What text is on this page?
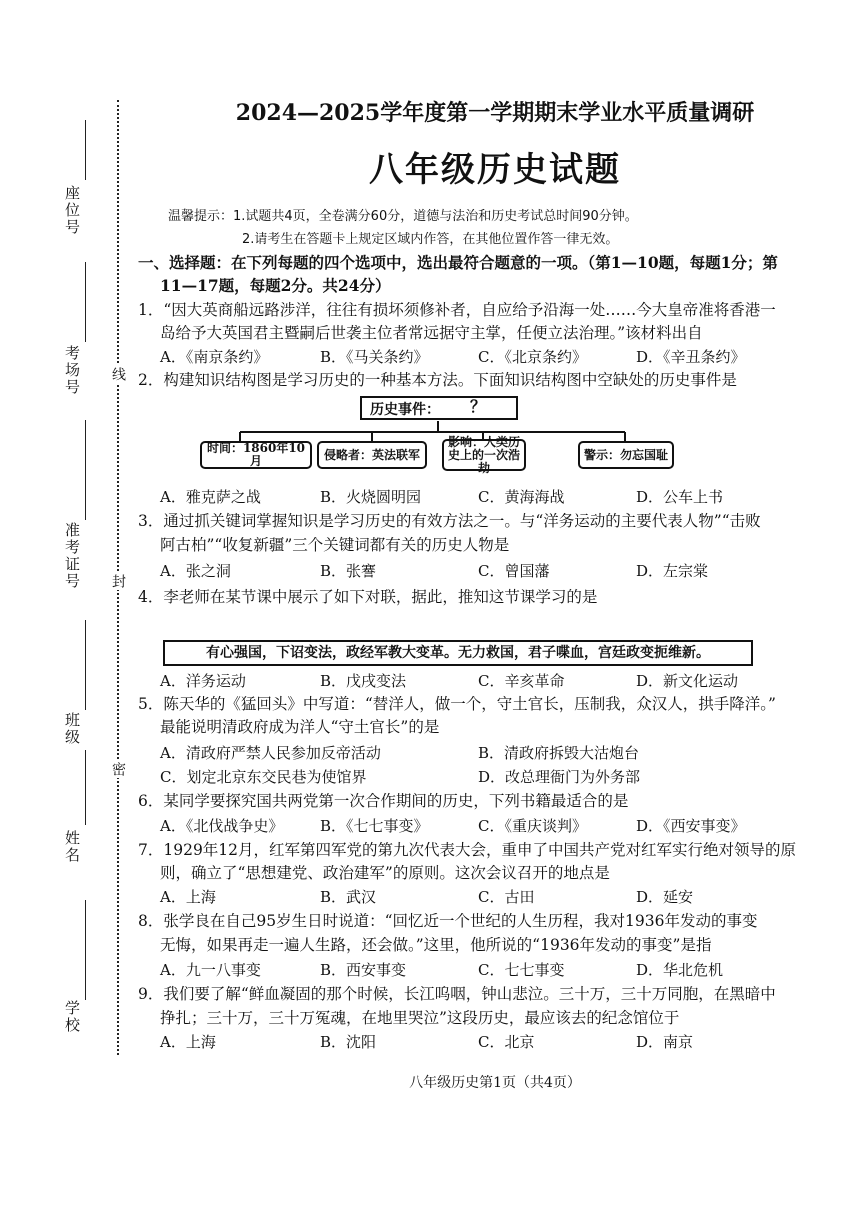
座位号
考场号
准考证号
班级
姓名
学校
线
封
密
2024—2025学年度第一学期期末学业水平质量调研
八年级历史试题
温馨提示：1.试题共4页，全卷满分60分，道德与法治和历史考试总时间90分钟。
2.请考生在答题卡上规定区域内作答，在其他位置作答一律无效。
一、选择题：在下列每题的四个选项中，选出最符合题意的一项。（第1—10题，每题1分；第
11—17题，每题2分。共24分）
1．“因大英商船远路涉洋，往往有损坏须修补者，自应给予沿海一处……今大皇帝准将香港一
岛给予大英国君主暨嗣后世袭主位者常远据守主掌，任便立法治理。”该材料出自
A．《南京条约》	B．《马关条约》	C．《北京条约》	D．《辛丑条约》
2．构建知识结构图是学习历史的一种基本方法。下面知识结构图中空缺处的历史事件是
历史事件：	？
时间：1860年10月	侵略者：英法联军
影响：人类历史上的一次浩劫
警示：勿忘国耻
A．雅克萨之战	B．火烧圆明园	C．黄海海战	D．公车上书
3．通过抓关键词掌握知识是学习历史的有效方法之一。与“洋务运动的主要代表人物”“击败
阿古柏”“收复新疆”三个关键词都有关的历史人物是
A．张之洞	B．张謇	C．曾国藩	D．左宗棠
4．李老师在某节课中展示了如下对联，据此，推知这节课学习的是
有心强国，下诏变法，政经军教大变革。无力救国，君子喋血，宫廷政变扼维新。
A．洋务运动	B．戊戌变法	C．辛亥革命	D．新文化运动
5．陈天华的《猛回头》中写道：“替洋人，做一个，守土官长，压制我，众汉人，拱手降洋。”
最能说明清政府成为洋人“守土官长”的是
A．清政府严禁人民参加反帝活动	B．清政府拆毁大沽炮台
C．划定北京东交民巷为使馆界	D．改总理衙门为外务部
6．某同学要探究国共两党第一次合作期间的历史，下列书籍最适合的是
A．《北伐战争史》 B．《七七事变》	C．《重庆谈判》	D．《西安事变》
7．1929年12月，红军第四军党的第九次代表大会，重申了中国共产党对红军实行绝对领导的原
则，确立了“思想建党、政治建军”的原则。这次会议召开的地点是
A．上海	B．武汉	C．古田	D．延安
8．张学良在自己95岁生日时说道：“回忆近一个世纪的人生历程，我对1936年发动的事变
无悔，如果再走一遍人生路，还会做。”这里，他所说的“1936年发动的事变”是指
A．九一八事变	B．西安事变	C．七七事变	D．华北危机
9．我们要了解“鲜血凝固的那个时候，长江呜咽，钟山悲泣。三十万，三十万同胞，在黑暗中
挣扎；三十万，三十万冤魂，在地里哭泣”这段历史，最应该去的纪念馆位于
A．上海	B．沈阳	C．北京	D．南京
八年级历史第1页（共4页）
